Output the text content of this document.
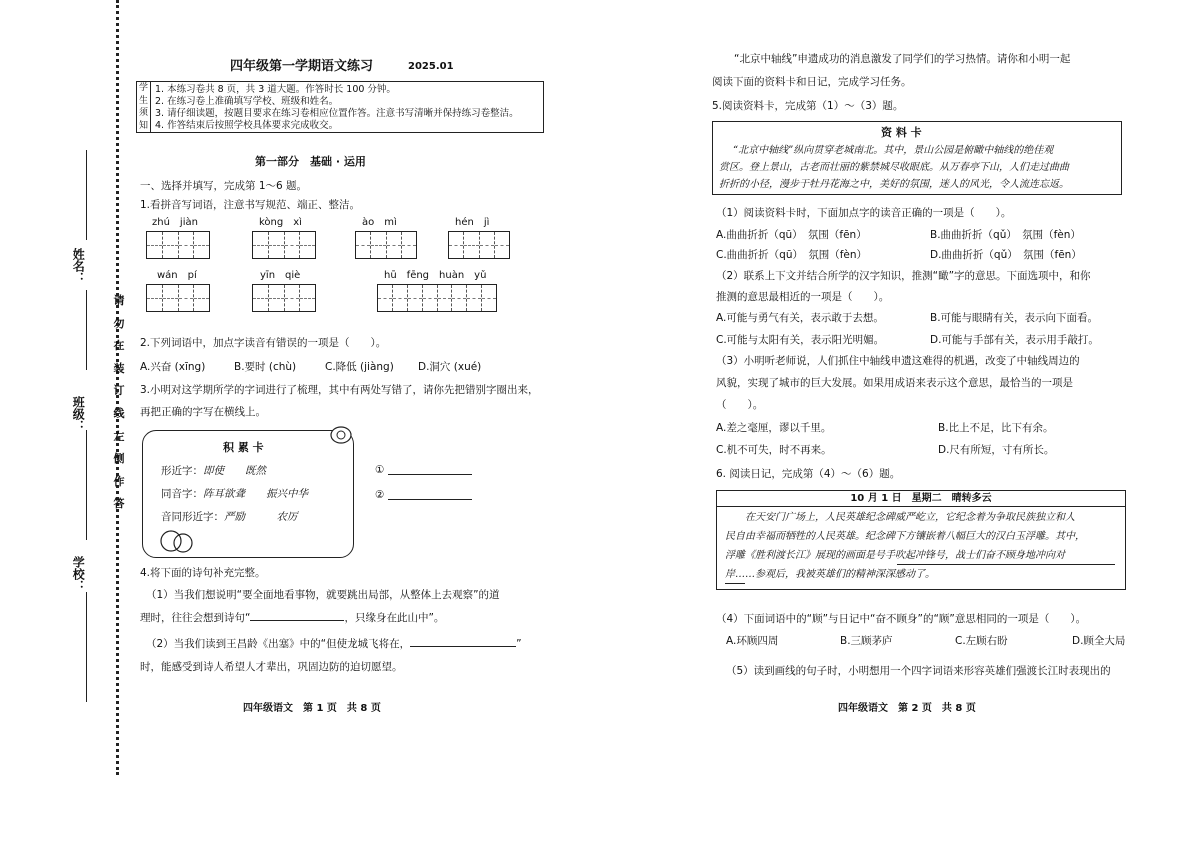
姓名：
班级：
学校：
请
勿
在
装
订
线
左
侧
作
答
四年级第一学期语文练习	2025.01
学
生
须
知
1. 本练习卷共 8 页，共 3 道大题。作答时长 100 分钟。
2. 在练习卷上准确填写学校、班级和姓名。
3. 请仔细读题，按题目要求在练习卷相应位置作答。注意书写清晰并保持练习卷整洁。
4. 作答结束后按照学校具体要求完成收交。
第一部分　基础 · 运用
一、选择并填写，完成第 1～6 题。
1.看拼音写词语，注意书写规范、端正、整洁。
zhú　jiàn	kòng　xì	ào　mì	hén　jì
wán　pí	yīn　qiè	hū　fēng　huàn　yǔ
2.下列词语中，加点字读音有错误的一项是（　　）。
A.兴奋 (xīng)	B.要时 (chù)	C.降低 (jiàng) D.洞穴 (xué)
3.小明对这学期所学的字词进行了梳理，其中有两处写错了，请你先把错别字圈出来，
再把正确的字写在横线上。
积 累 卡
形近字：即使　　既然
同音字：阵耳欲聋　　振兴中华
音同形近字：严励　　　农厉
①
②
4.将下面的诗句补充完整。
（1）当我们想说明“要全面地看事物，就要跳出局部，从整体上去观察”的道
理时，往往会想到诗句“	，只缘身在此山中”。
（2）当我们读到王昌龄《出塞》中的“但使龙城飞将在，	”
时，能感受到诗人希望人才辈出，巩固边防的迫切愿望。
四年级语文　第 1 页　共 8 页
“北京中轴线”申遗成功的消息激发了同学们的学习热情。请你和小明一起
阅读下面的资料卡和日记，完成学习任务。
5.阅读资料卡，完成第（1）～（3）题。
资 料 卡
“北京中轴线”纵向贯穿老城南北。其中，景山公园是俯瞰中轴线的绝佳观
赏区。登上景山，古老而壮丽的紫禁城尽收眼底。从万春亭下山，人们走过曲曲
折折的小径，漫步于牡丹花海之中，美好的氛围，迷人的风光，令人流连忘返。
（1）阅读资料卡时，下面加点字的读音正确的一项是（　　）。
A.曲曲折折（qū）　氛围（fēn）	B.曲曲折折（qǔ）　氛围（fèn）
C.曲曲折折（qū）　氛围（fèn）	D.曲曲折折（qǔ）　氛围（fēn）
（2）联系上下文并结合所学的汉字知识，推测“瞰”字的意思。下面选项中，和你
推测的意思最相近的一项是（　　）。
A.可能与勇气有关，表示敢于去想。	B.可能与眼睛有关，表示向下面看。
C.可能与太阳有关，表示阳光明媚。	D.可能与手部有关，表示用手敲打。
（3）小明听老师说，人们抓住中轴线申遗这难得的机遇，改变了中轴线周边的
风貌，实现了城市的巨大发展。如果用成语来表示这个意思，最恰当的一项是
（　　）。
A.差之毫厘，谬以千里。	B.比上不足，比下有余。
C.机不可失，时不再来。	D.尺有所短，寸有所长。
6. 阅读日记，完成第（4）～（6）题。
10 月 1 日　星期二　晴转多云
在天安门广场上，人民英雄纪念碑威严屹立，它纪念着为争取民族独立和人
民自由幸福而牺牲的人民英雄。纪念碑下方镶嵌着八幅巨大的汉白玉浮雕。其中，
浮雕《胜利渡长江》展现的画面是号手吹起冲锋号，战士们奋不顾身地冲向对
岸……参观后，我被英雄们的精神深深感动了。
（4）下面词语中的“顾”与日记中“奋不顾身”的“顾”意思相同的一项是（　　）。
A.环顾四周	B.三顾茅庐	C.左顾右盼	D.顾全大局
（5）读到画线的句子时，小明想用一个四字词语来形容英雄们强渡长江时表现出的
四年级语文　第 2 页　共 8 页
